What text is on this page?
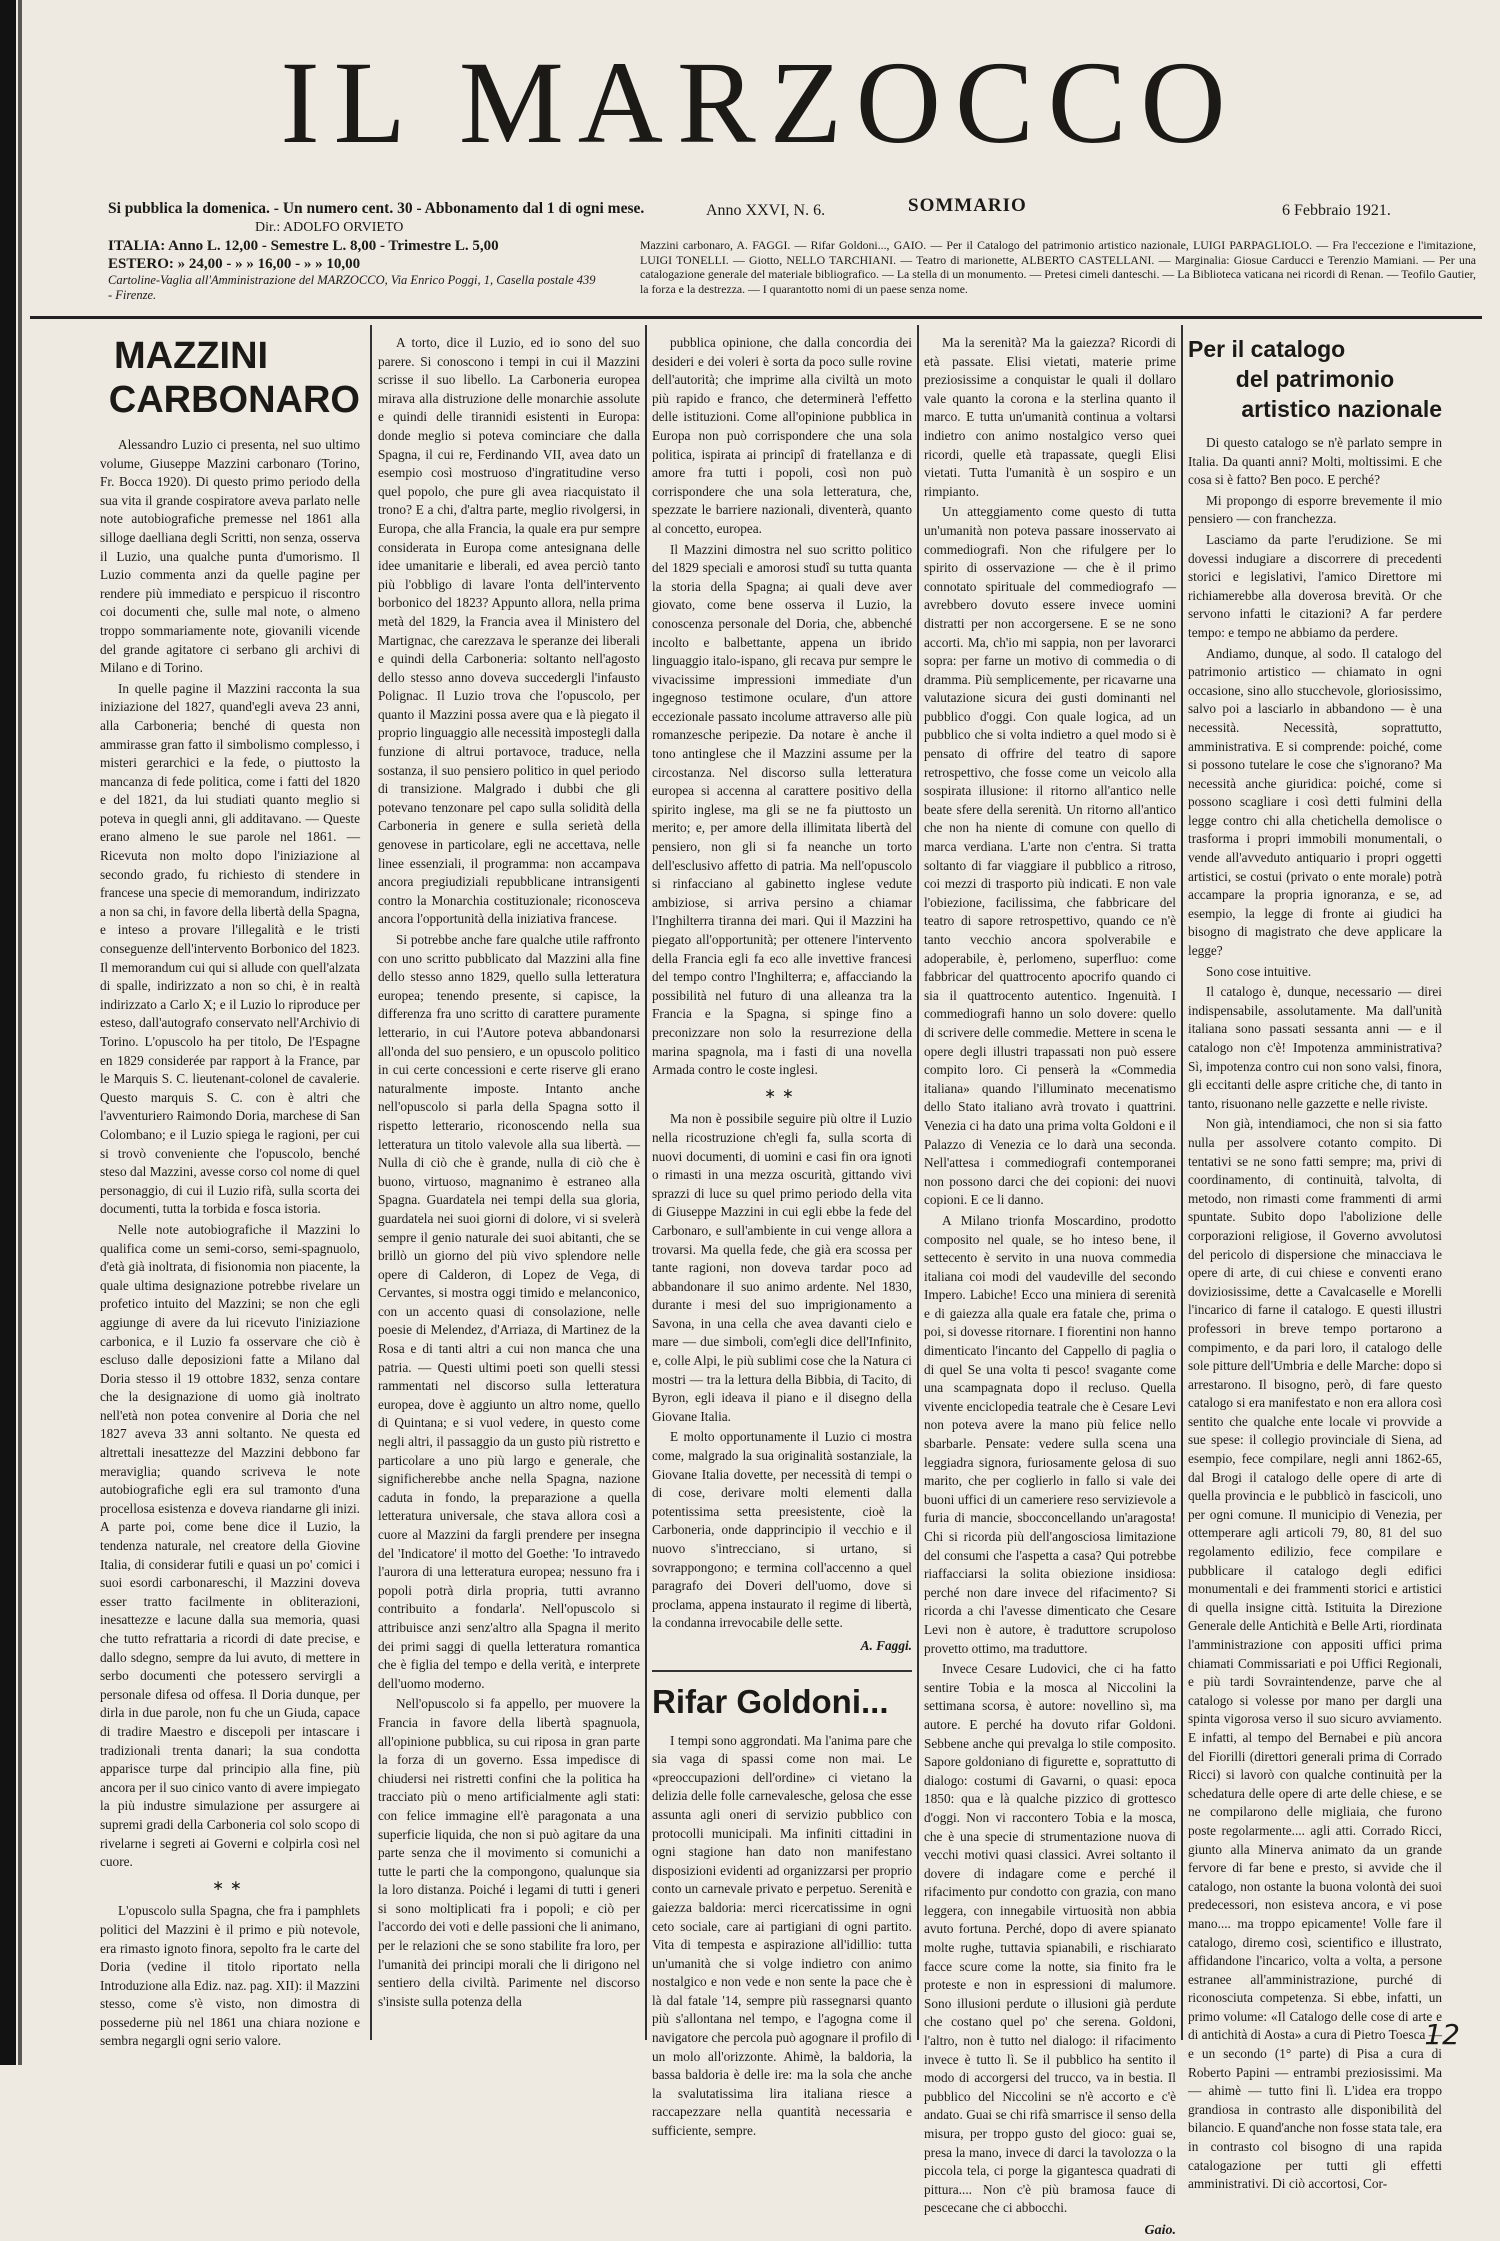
IL MARZOCCO
Si pubblica la domenica. - Un numero cent. 30 - Abbonamento dal 1 di ogni mese.
Dir.: ADOLFO ORVIETO
ITALIA: Anno L. 12,00 - Semestre L. 8,00 - Trimestre L. 5,00
ESTERO: » 24,00 - » » 16,00 - » » 10,00
Cartoline-Vaglia all'Amministrazione del MARZOCCO, Via Enrico Poggi, 1, Casella postale 439 - Firenze.
Anno XXVI, N. 6.	SOMMARIO	6 Febbraio 1921.
Mazzini carbonaro, A. FAGGI. — Rifar Goldoni..., GAIO. — Per il Catalogo del patrimonio artistico nazionale, LUIGI PARPAGLIOLO. — Fra l'eccezione e l'imitazione, LUIGI TONELLI. — Giotto, NELLO TARCHIANI. — Teatro di marionette, ALBERTO CASTELLANI. — Marginalia: Giosue Carducci e Terenzio Mamiani. — Per una catalogazione generale del materiale bibliografico. — La stella di un monumento. — Pretesi cimeli danteschi. — La Biblioteca vaticana nei ricordi di Renan. — Teofilo Gautier, la forza e la destrezza. — I quarantotto nomi di un paese senza nome.
MAZZINI
CARBONARO

Alessandro Luzio ci presenta, nel suo ultimo volume, Giuseppe Mazzini carbonaro (Torino, Fr. Bocca 1920). Di questo primo periodo della sua vita il grande cospiratore aveva parlato nelle note autobiografiche premesse nel 1861 alla silloge daelliana degli Scritti, non senza, osserva il Luzio, una qualche punta d'umorismo. Il Luzio commenta anzi da quelle pagine per rendere più immediato e perspicuo il riscontro coi documenti che, sulle mal note, o almeno troppo sommariamente note, giovanili vicende del grande agitatore ci serbano gli archivi di Milano e di Torino.

In quelle pagine il Mazzini racconta la sua iniziazione del 1827, quand'egli aveva 23 anni, alla Carboneria; benché di questa non ammirasse gran fatto il simbolismo complesso, i misteri gerarchici e la fede, o piuttosto la mancanza di fede politica, come i fatti del 1820 e del 1821, da lui studiati quanto meglio si poteva in quegli anni, gli additavano. — Queste erano almeno le sue parole nel 1861. — Ricevuta non molto dopo l'iniziazione al secondo grado, fu richiesto di stendere in francese una specie di memorandum, indirizzato a non sa chi, in favore della libertà della Spagna, e inteso a provare l'illegalità e le tristi conseguenze dell'intervento Borbonico del 1823. Il memorandum cui qui si allude con quell'alzata di spalle, indirizzato a non so chi, è in realtà indirizzato a Carlo X; e il Luzio lo riproduce per esteso, dall'autografo conservato nell'Archivio di Torino. L'opuscolo ha per titolo, De l'Espagne en 1829 considerée par rapport à la France, par le Marquis S. C. lieutenant-colonel de cavalerie. Questo marquis S. C. con è altri che l'avventuriero Raimondo Doria, marchese di San Colombano; e il Luzio spiega le ragioni, per cui si trovò conveniente che l'opuscolo, benché steso dal Mazzini, avesse corso col nome di quel personaggio, di cui il Luzio rifà, sulla scorta dei documenti, tutta la torbida e fosca istoria.

Nelle note autobiografiche il Mazzini lo qualifica come un semi-corso, semi-spagnuolo, d'età già inoltrata, di fisionomia non piacente, la quale ultima designazione potrebbe rivelare un profetico intuito del Mazzini; se non che egli aggiunge di avere da lui ricevuto l'iniziazione carbonica, e il Luzio fa osservare che ciò è escluso dalle deposizioni fatte a Milano dal Doria stesso il 19 ottobre 1832, senza contare che la designazione di uomo già inoltrato nell'età non potea convenire al Doria che nel 1827 aveva 33 anni soltanto. Ne questa ed altrettali inesattezze del Mazzini debbono far meraviglia; quando scriveva le note autobiografiche egli era sul tramonto d'una procellosa esistenza e doveva riandarne gli inizi. A parte poi, come bene dice il Luzio, la tendenza naturale, nel creatore della Giovine Italia, di considerar futili e quasi un po' comici i suoi esordi carbonareschi, il Mazzini doveva esser tratto facilmente in obliterazioni, inesattezze e lacune dalla sua memoria, quasi che tutto refrattaria a ricordi di date precise, e dallo sdegno, sempre da lui avuto, di mettere in serbo documenti che potessero servirgli a personale difesa od offesa. Il Doria dunque, per dirla in due parole, non fu che un Giuda, capace di tradire Maestro e discepoli per intascare i tradizionali trenta danari; la sua condotta apparisce turpe dal principio alla fine, più ancora per il suo cinico vanto di avere impiegato la più industre simulazione per assurgere ai supremi gradi della Carboneria col solo scopo di rivelarne i segreti ai Governi e colpirla così nel cuore.

∗∗

L'opuscolo sulla Spagna, che fra i pamphlets politici del Mazzini è il primo e più notevole, era rimasto ignoto finora, sepolto fra le carte del Doria (vedine il titolo riportato nella Introduzione alla Ediz. naz. pag. XII): il Mazzini stesso, come s'è visto, non dimostra di possederne più nel 1861 una chiara nozione e sembra negargli ogni serio valore.

A torto, dice il Luzio, ed io sono del suo parere. Si conoscono i tempi in cui il Mazzini scrisse il suo libello. La Carboneria europea mirava alla distruzione delle monarchie assolute e quindi delle tirannidi esistenti in Europa: donde meglio si poteva cominciare che dalla Spagna, il cui re, Ferdinando VII, avea dato un esempio così mostruoso d'ingratitudine verso quel popolo, che pure gli avea riacquistato il trono? E a chi, d'altra parte, meglio rivolgersi, in Europa, che alla Francia, la quale era pur sempre considerata in Europa come antesignana delle idee umanitarie e liberali, ed avea perciò tanto più l'obbligo di lavare l'onta dell'intervento borbonico del 1823? Appunto allora, nella prima metà del 1829, la Francia avea il Ministero del Martignac, che carezzava le speranze dei liberali e quindi della Carboneria: soltanto nell'agosto dello stesso anno doveva succedergli l'infausto Polignac. Il Luzio trova che l'opuscolo, per quanto il Mazzini possa avere qua e là piegato il proprio linguaggio alle necessità impostegli dalla funzione di altrui portavoce, traduce, nella sostanza, il suo pensiero politico in quel periodo di transizione. Malgrado i dubbi che gli potevano tenzonare pel capo sulla solidità della Carboneria in genere e sulla serietà della genovese in particolare, egli ne accettava, nelle linee essenziali, il programma: non accampava ancora pregiudiziali repubblicane intransigenti contro la Monarchia costituzionale; riconosceva ancora l'opportunità della iniziativa francese.

Si potrebbe anche fare qualche utile raffronto con uno scritto pubblicato dal Mazzini alla fine dello stesso anno 1829, quello sulla letteratura europea; tenendo presente, si capisce, la differenza fra uno scritto di carattere puramente letterario, in cui l'Autore poteva abbandonarsi all'onda del suo pensiero, e un opuscolo politico in cui certe concessioni e certe riserve gli erano naturalmente imposte. Intanto anche nell'opuscolo si parla della Spagna sotto il rispetto letterario, riconoscendo nella sua letteratura un titolo valevole alla sua libertà. — Nulla di ciò che è grande, nulla di ciò che è buono, virtuoso, magnanimo è estraneo alla Spagna. Guardatela nei tempi della sua gloria, guardatela nei suoi giorni di dolore, vi si svelerà sempre il genio naturale dei suoi abitanti, che se brillò un giorno del più vivo splendore nelle opere di Calderon, di Lopez de Vega, di Cervantes, si mostra oggi timido e melanconico, con un accento quasi di consolazione, nelle poesie di Melendez, d'Arriaza, di Martinez de la Rosa e di tanti altri a cui non manca che una patria. — Questi ultimi poeti son quelli stessi rammentati nel discorso sulla letteratura europea, dove è aggiunto un altro nome, quello di Quintana; e si vuol vedere, in questo come negli altri, il passaggio da un gusto più ristretto e particolare a uno più largo e generale, che significherebbe anche nella Spagna, nazione caduta in fondo, la preparazione a quella letteratura universale, che stava allora così a cuore al Mazzini da fargli prendere per insegna del 'Indicatore' il motto del Goethe: 'Io intravedo l'aurora di una letteratura europea; nessuno fra i popoli potrà dirla propria, tutti avranno contribuito a fondarla'. Nell'opuscolo si attribuisce anzi senz'altro alla Spagna il merito dei primi saggi di quella letteratura romantica che è figlia del tempo e della verità, e interprete dell'uomo moderno.

Nell'opuscolo si fa appello, per muovere la Francia in favore della libertà spagnuola, all'opinione pubblica, su cui riposa in gran parte la forza di un governo. Essa impedisce di chiudersi nei ristretti confini che la politica ha tracciato più o meno artificialmente agli stati: con felice immagine ell'è paragonata a una superficie liquida, che non si può agitare da una parte senza che il movimento si comunichi a tutte le parti che la compongono, qualunque sia la loro distanza. Poiché i legami di tutti i generi si sono moltiplicati fra i popoli; e ciò per l'accordo dei voti e delle passioni che li animano, per le relazioni che se sono stabilite fra loro, per l'umanità dei principi morali che li dirigono nel sentiero della civiltà. Parimente nel discorso s'insiste sulla potenza della

pubblica opinione, che dalla concordia dei desideri e dei voleri è sorta da poco sulle rovine dell'autorità; che imprime alla civiltà un moto più rapido e franco, che determinerà l'effetto delle istituzioni. Come all'opinione pubblica in Europa non può corrispondere che una sola politica, ispirata ai principî di fratellanza e di amore fra tutti i popoli, così non può corrispondere che una sola letteratura, che, spezzate le barriere nazionali, diventerà, quanto al concetto, europea.

Il Mazzini dimostra nel suo scritto politico del 1829 speciali e amorosi studî su tutta quanta la storia della Spagna; ai quali deve aver giovato, come bene osserva il Luzio, la conoscenza personale del Doria, che, abbenché incolto e balbettante, appena un ibrido linguaggio italo-ispano, gli recava pur sempre le vivacissime impressioni immediate d'un ingegnoso testimone oculare, d'un attore eccezionale passato incolume attraverso alle più romanzesche peripezie. Da notare è anche il tono antinglese che il Mazzini assume per la circostanza. Nel discorso sulla letteratura europea si accenna al carattere positivo della spirito inglese, ma gli se ne fa piuttosto un merito; e, per amore della illimitata libertà del pensiero, non gli si fa neanche un torto dell'esclusivo affetto di patria. Ma nell'opuscolo si rinfacciano al gabinetto inglese vedute ambiziose, si arriva persino a chiamar l'Inghilterra tiranna dei mari. Qui il Mazzini ha piegato all'opportunità; per ottenere l'intervento della Francia egli fa eco alle invettive francesi del tempo contro l'Inghilterra; e, affacciando la possibilità nel futuro di una alleanza tra la Francia e la Spagna, si spinge fino a preconizzare non solo la resurrezione della marina spagnola, ma i fasti di una novella Armada contro le coste inglesi.

∗∗

Ma non è possibile seguire più oltre il Luzio nella ricostruzione ch'egli fa, sulla scorta di nuovi documenti, di uomini e casi fin ora ignoti o rimasti in una mezza oscurità, gittando vivi sprazzi di luce su quel primo periodo della vita di Giuseppe Mazzini in cui egli ebbe la fede del Carbonaro, e sull'ambiente in cui venge allora a trovarsi. Ma quella fede, che già era scossa per tante ragioni, non doveva tardar poco ad abbandonare il suo animo ardente. Nel 1830, durante i mesi del suo imprigionamento a Savona, in una cella che avea davanti cielo e mare — due simboli, com'egli dice dell'Infinito, e, colle Alpi, le più sublimi cose che la Natura ci mostri — tra la lettura della Bibbia, di Tacito, di Byron, egli ideava il piano e il disegno della Giovane Italia.

E molto opportunamente il Luzio ci mostra come, malgrado la sua originalità sostanziale, la Giovane Italia dovette, per necessità di tempi o di cose, derivare molti elementi dalla potentissima setta preesistente, cioè la Carboneria, onde dapprincipio il vecchio e il nuovo s'intrecciano, si urtano, si sovrappongono; e termina coll'accenno a quel paragrafo dei Doveri dell'uomo, dove si proclama, appena instaurato il regime di libertà, la condanna irrevocabile delle sette.

A. Faggi.
Rifar Goldoni...

I tempi sono aggrondati. Ma l'anima pare che sia vaga di spassi come non mai. Le «preoccupazioni dell'ordine» ci vietano la delizia delle folle carnevalesche, gelosa che esse assunta agli oneri di servizio pubblico con protocolli municipali. Ma infiniti cittadini in ogni stagione han dato non manifestano disposizioni evidenti ad organizzarsi per proprio conto un carnevale privato e perpetuo. Serenità e gaiezza baldoria: merci ricercatissime in ogni ceto sociale, care ai partigiani di ogni partito. Vita di tempesta e aspirazione all'idillio: tutta un'umanità che si volge indietro con animo nostalgico e non vede e non sente la pace che è là dal fatale '14, sempre più rassegnarsi quanto più s'allontana nel tempo, e l'agogna come il navigatore che percola può agognare il profilo di un molo all'orizzonte. Ahimè, la baldoria, la bassa baldoria è delle ire: ma la sola che anche la svalutatissima lira italiana riesce a raccapezzare nella quantità necessaria e sufficiente, sempre.

Ma la serenità? Ma la gaiezza? Ricordi di età passate. Elisi vietati, materie prime preziosissime a conquistar le quali il dollaro vale quanto la corona e la sterlina quanto il marco. E tutta un'umanità continua a voltarsi indietro con animo nostalgico verso quei ricordi, quelle età trapassate, quegli Elisi vietati. Tutta l'umanità è un sospiro e un rimpianto.

Un atteggiamento come questo di tutta un'umanità non poteva passare inosservato ai commediografi. Non che rifulgere per lo spirito di osservazione — che è il primo connotato spirituale del commediografo — avrebbero dovuto essere invece uomini distratti per non accorgersene. E se ne sono accorti. Ma, ch'io mi sappia, non per lavorarci sopra: per farne un motivo di commedia o di dramma. Più semplicemente, per ricavarne una valutazione sicura dei gusti dominanti nel pubblico d'oggi. Con quale logica, ad un pubblico che si volta indietro a quel modo si è pensato di offrire del teatro di sapore retrospettivo, che fosse come un veicolo alla sospirata illusione: il ritorno all'antico nelle beate sfere della serenità. Un ritorno all'antico che non ha niente di comune con quello di marca verdiana. L'arte non c'entra. Si tratta soltanto di far viaggiare il pubblico a ritroso, coi mezzi di trasporto più indicati. E non vale l'obiezione, facilissima, che fabbricare del teatro di sapore retrospettivo, quando ce n'è tanto vecchio ancora spolverabile e adoperabile, è, perlomeno, superfluo: come fabbricar del quattrocento apocrifo quando ci sia il quattrocento autentico. Ingenuità. I commediografi hanno un solo dovere: quello di scrivere delle commedie. Mettere in scena le opere degli illustri trapassati non può essere compito loro. Ci penserà la «Commedia italiana» quando l'illuminato mecenatismo dello Stato italiano avrà trovato i quattrini. Venezia ci ha dato una prima volta Goldoni e il Palazzo di Venezia ce lo darà una seconda. Nell'attesa i commediografi contemporanei non possono darci che dei copioni: dei nuovi copioni. E ce li danno.

A Milano trionfa Moscardino, prodotto composito nel quale, se ho inteso bene, il settecento è servito in una nuova commedia italiana coi modi del vaudeville del secondo Impero. Labiche! Ecco una miniera di serenità e di gaiezza alla quale era fatale che, prima o poi, si dovesse ritornare. I fiorentini non hanno dimenticato l'incanto del Cappello di paglia o di quel Se una volta ti pesco! svagante come una scampagnata dopo il recluso. Quella vivente enciclopedia teatrale che è Cesare Levi non poteva avere la mano più felice nello sbarbarle. Pensate: vedere sulla scena una leggiadra signora, furiosamente gelosa di suo marito, che per coglierlo in fallo si vale dei buoni uffici di un cameriere reso servizievole a furia di mancie, sbocconcellando un'aragosta! Chi si ricorda più dell'angosciosa limitazione del consumi che l'aspetta a casa? Qui potrebbe riaffacciarsi la solita obiezione insidiosa: perché non dare invece del rifacimento? Si ricorda a chi l'avesse dimenticato che Cesare Levi non è autore, è traduttore scrupoloso provetto ottimo, ma traduttore.

Invece Cesare Ludovici, che ci ha fatto sentire Tobia e la mosca al Niccolini la settimana scorsa, è autore: novellino sì, ma autore. E perché ha dovuto rifar Goldoni. Sebbene anche qui prevalga lo stile composito. Sapore goldoniano di figurette e, soprattutto di dialogo: costumi di Gavarni, o quasi: epoca 1850: qua e là qualche pizzico di grottesco d'oggi. Non vi raccontero Tobia e la mosca, che è una specie di strumentazione nuova di vecchi motivi quasi classici. Avrei soltanto il dovere di indagare come e perché il rifacimento pur condotto con grazia, con mano leggera, con innegabile virtuosità non abbia avuto fortuna. Perché, dopo di avere spianato molte rughe, tuttavia spianabili, e rischiarato facce scure come la notte, sia finito fra le proteste e non in espressioni di malumore. Sono illusioni perdute o illusioni già perdute che costano quel po' che serena. Goldoni, l'altro, non è tutto nel dialogo: il rifacimento invece è tutto lì. Se il pubblico ha sentito il modo di accorgersi del trucco, va in bestia. Il pubblico del Niccolini se n'è accorto e c'è andato. Guai se chi rifà smarrisce il senso della misura, per troppo gusto del gioco: guai se, presa la mano, invece di darci la tavolozza o la piccola tela, ci porge la gigantesca quadrati di pittura.... Non c'è più bramosa fauce di pescecane che ci abbocchi.

Gaio.
Per il catalogo
del patrimonio
artistico nazionale

Di questo catalogo se n'è parlato sempre in Italia. Da quanti anni? Molti, moltissimi. E che cosa si è fatto? Ben poco. E perché?

Mi propongo di esporre brevemente il mio pensiero — con franchezza.

Lasciamo da parte l'erudizione. Se mi dovessi indugiare a discorrere di precedenti storici e legislativi, l'amico Direttore mi richiamerebbe alla doverosa brevità. Or che servono infatti le citazioni? A far perdere tempo: e tempo ne abbiamo da perdere.

Andiamo, dunque, al sodo. Il catalogo del patrimonio artistico — chiamato in ogni occasione, sino allo stucchevole, gloriosissimo, salvo poi a lasciarlo in abbandono — è una necessità. Necessità, soprattutto, amministrativa. E si comprende: poiché, come si possono tutelare le cose che s'ignorano? Ma necessità anche giuridica: poiché, come si possono scagliare i così detti fulmini della legge contro chi alla chetichella demolisce o trasforma i propri immobili monumentali, o vende all'avveduto antiquario i propri oggetti artistici, se costui (privato o ente morale) potrà accampare la propria ignoranza, e se, ad esempio, la legge di fronte ai giudici ha bisogno di magistrato che deve applicare la legge?

Sono cose intuitive.

Il catalogo è, dunque, necessario — direi indispensabile, assolutamente. Ma dall'unità italiana sono passati sessanta anni — e il catalogo non c'è! Impotenza amministrativa? Sì, impotenza contro cui non sono valsi, finora, gli eccitanti delle aspre critiche che, di tanto in tanto, risuonano nelle gazzette e nelle riviste.

Non già, intendiamoci, che non si sia fatto nulla per assolvere cotanto compito. Di tentativi se ne sono fatti sempre; ma, privi di coordinamento, di continuità, talvolta, di metodo, non rimasti come frammenti di armi spuntate. Subito dopo l'abolizione delle corporazioni religiose, il Governo avvolutosi del pericolo di dispersione che minacciava le opere di arte, di cui chiese e conventi erano doviziosissime, dette a Cavalcaselle e Morelli l'incarico di farne il catalogo. E questi illustri professori in breve tempo portarono a compimento, e da pari loro, il catalogo delle sole pitture dell'Umbria e delle Marche: dopo si arrestarono. Il bisogno, però, di fare questo catalogo si era manifestato e non era allora così sentito che qualche ente locale vi provvide a sue spese: il collegio provinciale di Siena, ad esempio, fece compilare, negli anni 1862-65, dal Brogi il catalogo delle opere di arte di quella provincia e le pubblicò in fascicoli, uno per ogni comune. Il municipio di Venezia, per ottemperare agli articoli 79, 80, 81 del suo regolamento edilizio, fece compilare e pubblicare il catalogo degli edifici monumentali e dei frammenti storici e artistici di quella insigne città. Istituita la Direzione Generale delle Antichità e Belle Arti, riordinata l'amministrazione con appositi uffici prima chiamati Commissariati e poi Uffici Regionali, e più tardi Sovraintendenze, parve che al catalogo si volesse por mano per dargli una spinta vigorosa verso il suo sicuro avviamento. E infatti, al tempo del Bernabei e più ancora del Fiorilli (direttori generali prima di Corrado Ricci) si lavorò con qualche continuità per la schedatura delle opere di arte delle chiese, e se ne compilarono delle migliaia, che furono poste regolarmente.... agli atti. Corrado Ricci, giunto alla Minerva animato da un grande fervore di far bene e presto, si avvide che il catalogo, non ostante la buona volontà dei suoi predecessori, non esisteva ancora, e vi pose mano.... ma troppo epicamente! Volle fare il catalogo, diremo così, scientifico e illustrato, affidandone l'incarico, volta a volta, a persone estranee all'amministrazione, purché di riconosciuta competenza. Si ebbe, infatti, un primo volume: «Il Catalogo delle cose di arte e di antichità di Aosta» a cura di Pietro Toesca — e un secondo (1° parte) di Pisa a cura di Roberto Papini — entrambi preziosissimi. Ma — ahimè — tutto fini lì. L'idea era troppo grandiosa in contrasto alle disponibilità del bilancio. E quand'anche non fosse stata tale, era in contrasto col bisogno di una rapida catalogazione per tutti gli effetti amministrativi. Di ciò accortosi, Cor-

12
